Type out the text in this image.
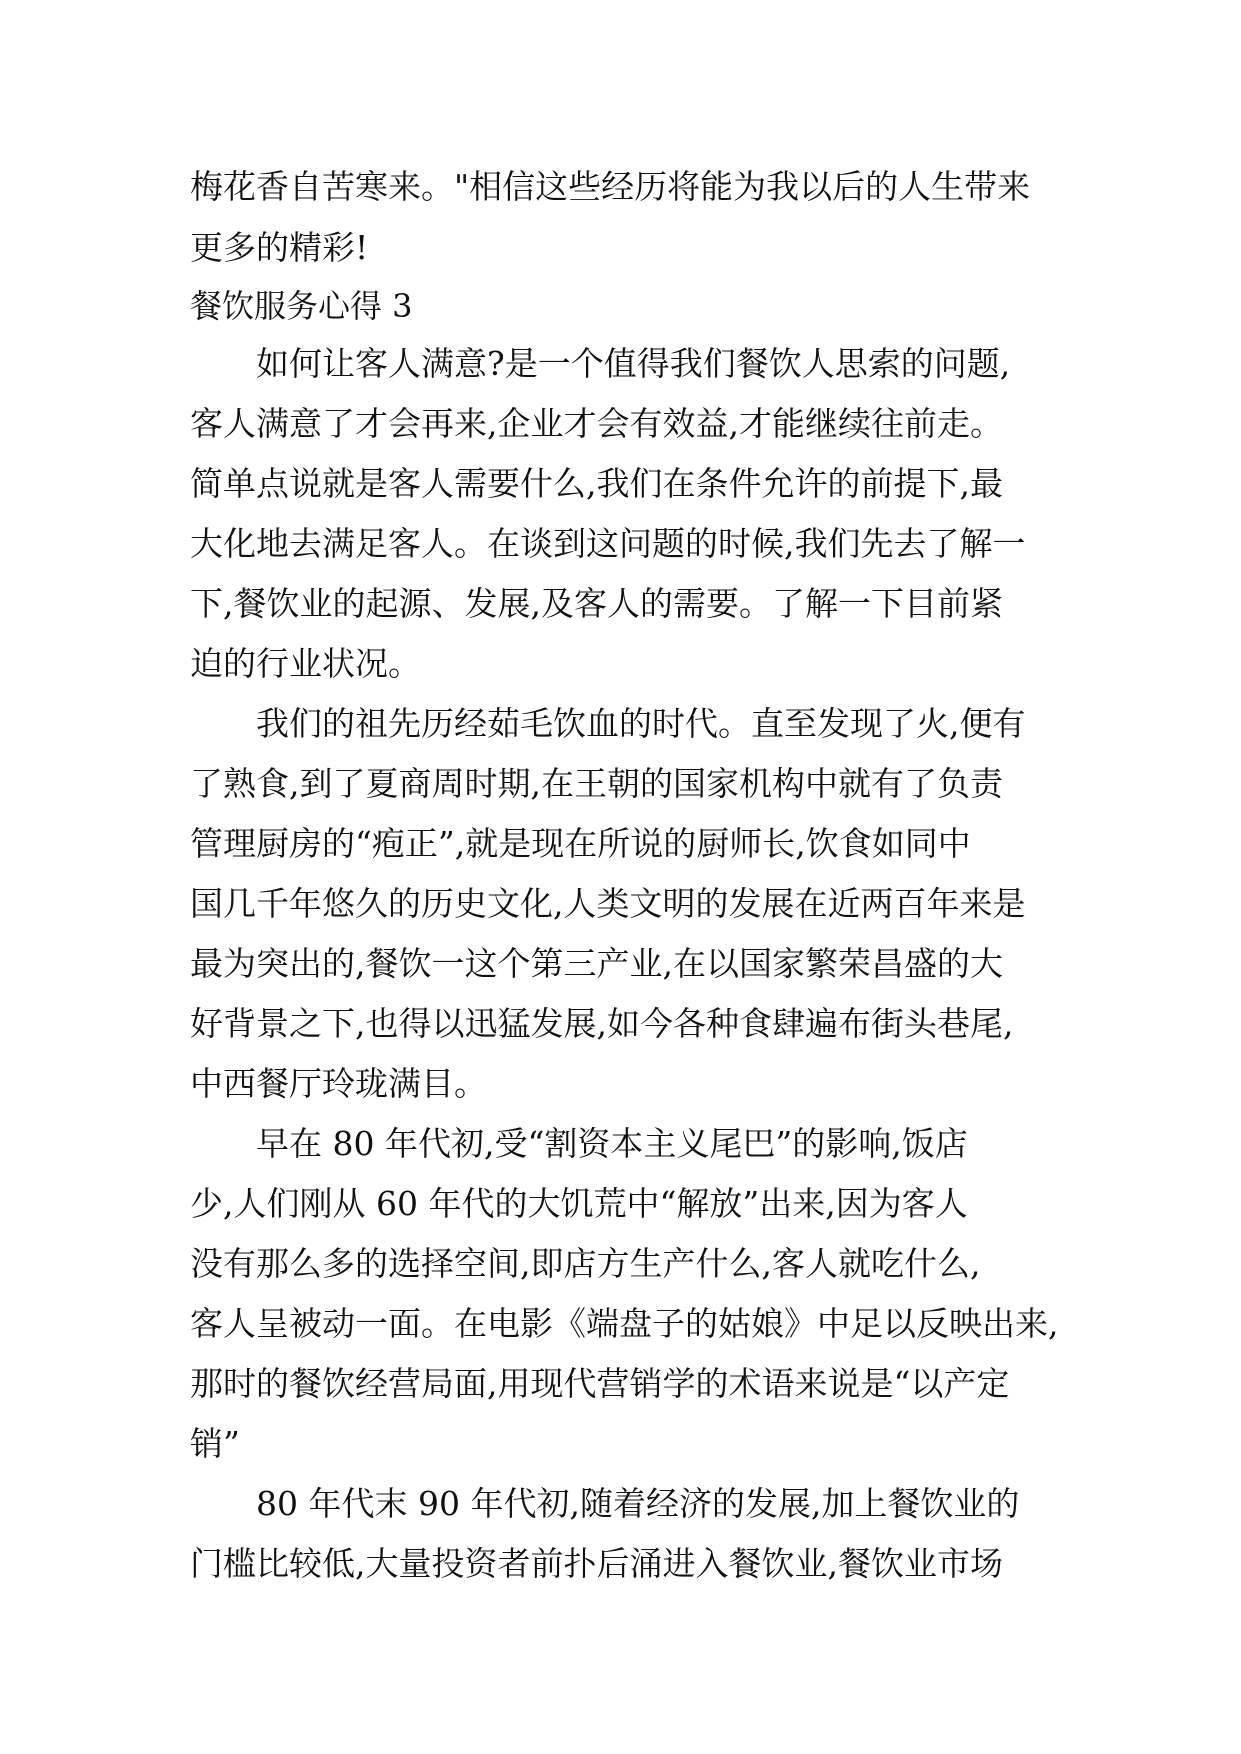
梅花香自苦寒来。"相信这些经历将能为我以后的人生带来
更多的精彩!
餐饮服务心得 3
如何让客人满意?是一个值得我们餐饮人思索的问题,
客人满意了才会再来,企业才会有效益,才能继续往前走。
简单点说就是客人需要什么,我们在条件允许的前提下,最
大化地去满足客人。在谈到这问题的时候,我们先去了解一
下,餐饮业的起源、发展,及客人的需要。了解一下目前紧
迫的行业状况。
我们的祖先历经茹毛饮血的时代。直至发现了火,便有
了熟食,到了夏商周时期,在王朝的国家机构中就有了负责
管理厨房的“疱正”,就是现在所说的厨师长,饮食如同中
国几千年悠久的历史文化,人类文明的发展在近两百年来是
最为突出的,餐饮一这个第三产业,在以国家繁荣昌盛的大
好背景之下,也得以迅猛发展,如今各种食肆遍布街头巷尾,
中西餐厅玲珑满目。
早在 80 年代初,受“割资本主义尾巴”的影响,饭店
少,人们刚从 60 年代的大饥荒中“解放”出来,因为客人
没有那么多的选择空间,即店方生产什么,客人就吃什么,
客人呈被动一面。在电影《端盘子的姑娘》中足以反映出来,
那时的餐饮经营局面,用现代营销学的术语来说是“以产定
销”
80 年代末 90 年代初,随着经济的发展,加上餐饮业的
门槛比较低,大量投资者前扑后涌进入餐饮业,餐饮业市场
